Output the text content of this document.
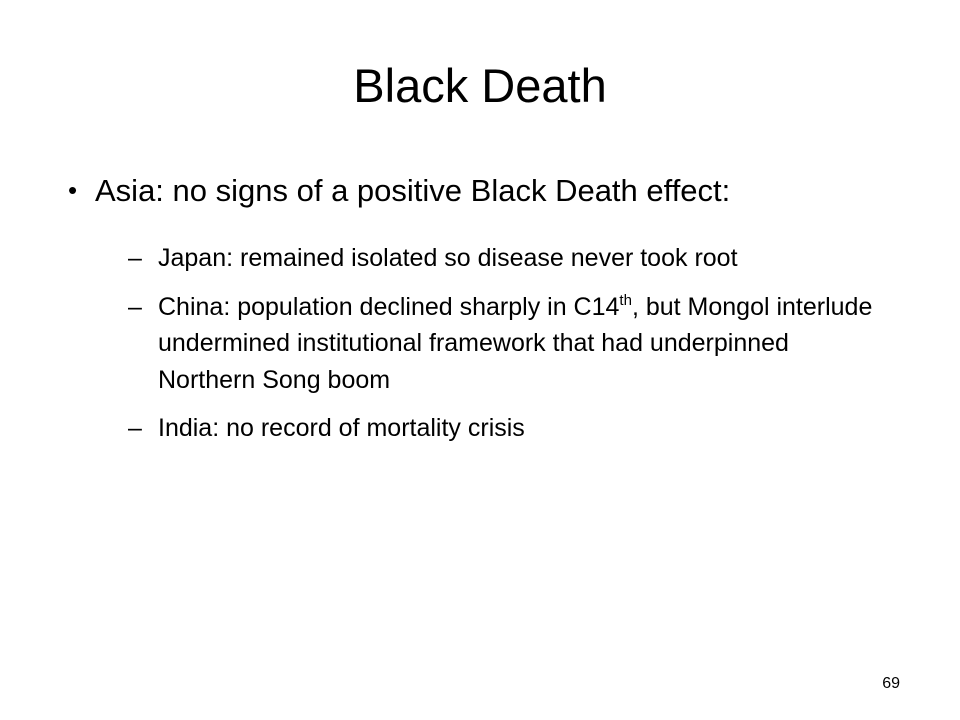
Black Death
• Asia: no signs of a positive Black Death effect:
– Japan: remained isolated so disease never took root
– China: population declined sharply in C14th, but Mongol interlude undermined institutional framework that had underpinned Northern Song boom
– India: no record of mortality crisis
69
